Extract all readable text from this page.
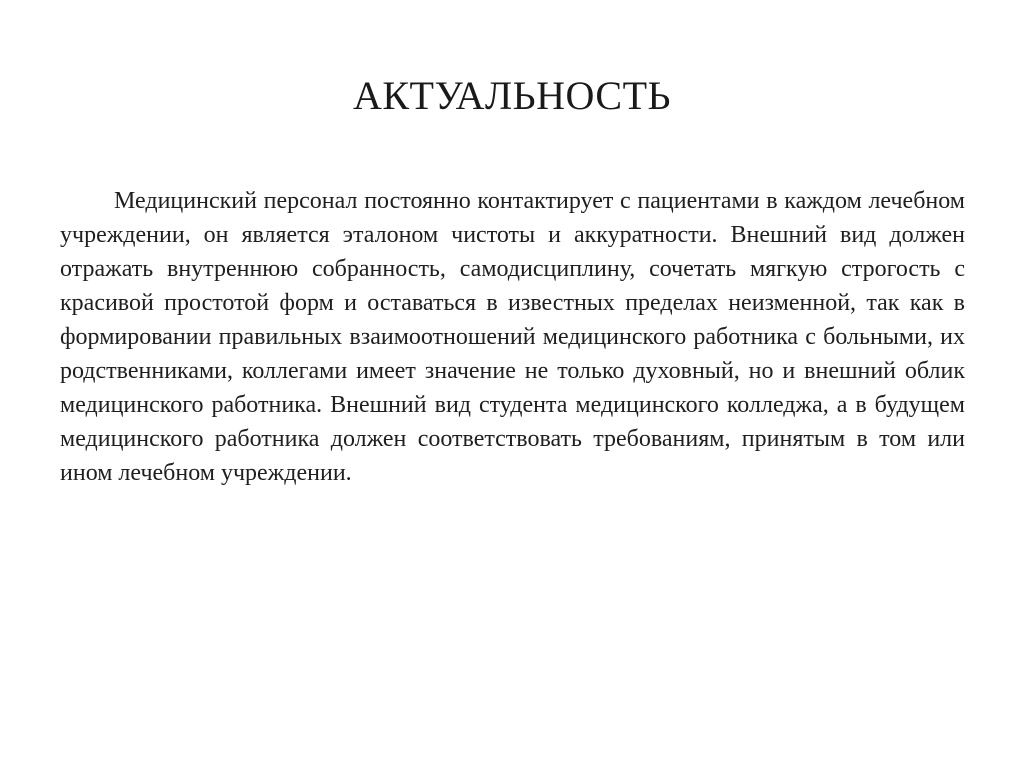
АКТУАЛЬНОСТЬ

Медицинский персонал постоянно контактирует с пациентами в каждом лечебном учреждении, он является эталоном чистоты и аккуратности. Внешний вид должен отражать внутреннюю собранность, самодисциплину, сочетать мягкую строгость с красивой простотой форм и оставаться в известных пределах неизменной, так как в формировании правильных взаимоотношений медицинского работника с больными, их родственниками, коллегами имеет значение не только духовный, но и внешний облик медицинского работника. Внешний вид студента медицинского колледжа, а в будущем медицинского работника должен соответствовать требованиям, принятым в том или ином лечебном учреждении.
